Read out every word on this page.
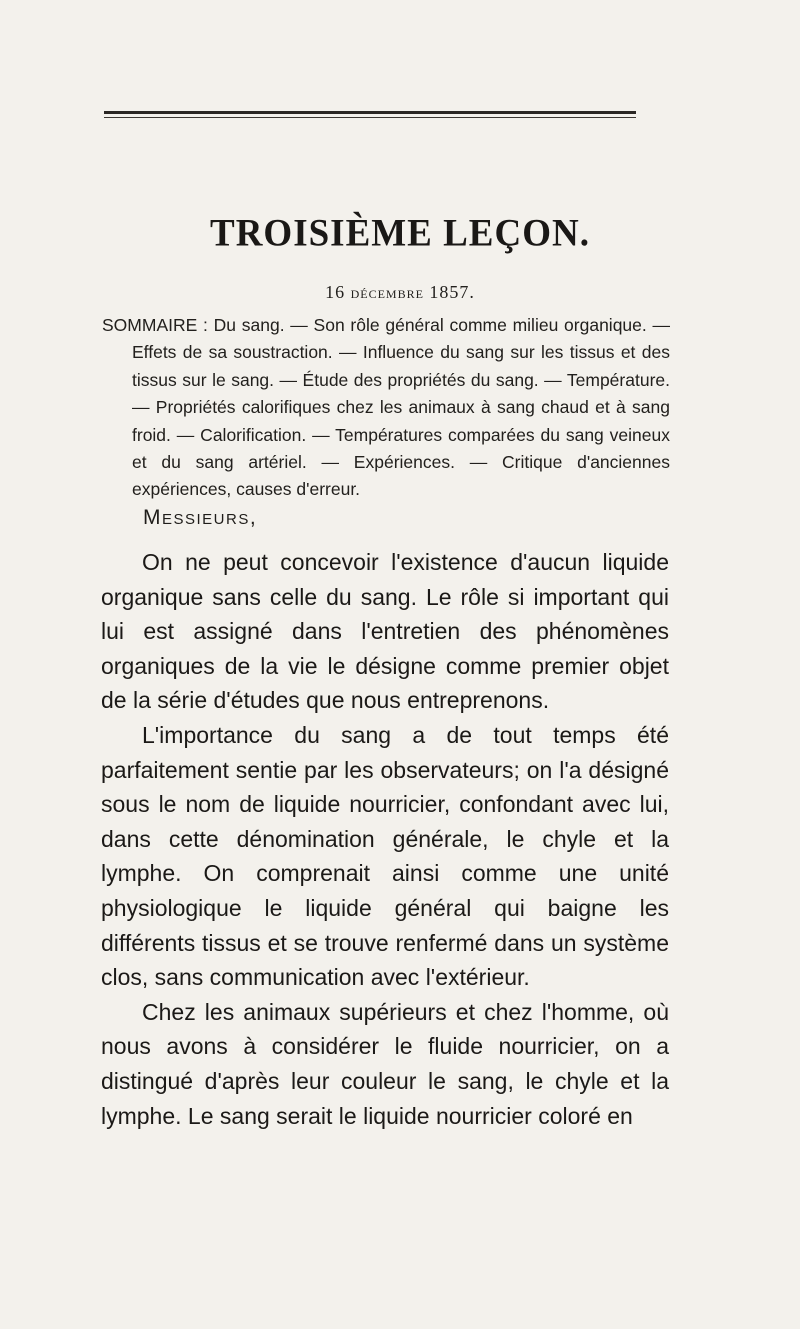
TROISIÈME LEÇON.
16 décembre 1857.
SOMMAIRE : Du sang. — Son rôle général comme milieu organique. — Effets de sa soustraction. — Influence du sang sur les tissus et des tissus sur le sang. — Étude des propriétés du sang. — Température. — Propriétés calorifiques chez les animaux à sang chaud et à sang froid. — Calorification. — Températures comparées du sang veineux et du sang artériel. — Expériences. — Critique d'anciennes expériences, causes d'erreur.
Messieurs,

On ne peut concevoir l'existence d'aucun liquide organique sans celle du sang. Le rôle si important qui lui est assigné dans l'entretien des phénomènes organiques de la vie le désigne comme premier objet de la série d'études que nous entreprenons.

L'importance du sang a de tout temps été parfaitement sentie par les observateurs; on l'a désigné sous le nom de liquide nourricier, confondant avec lui, dans cette dénomination générale, le chyle et la lymphe. On comprenait ainsi comme une unité physiologique le liquide général qui baigne les différents tissus et se trouve renfermé dans un système clos, sans communication avec l'extérieur.

Chez les animaux supérieurs et chez l'homme, où nous avons à considérer le fluide nourricier, on a distingué d'après leur couleur le sang, le chyle et la lymphe. Le sang serait le liquide nourricier coloré en
